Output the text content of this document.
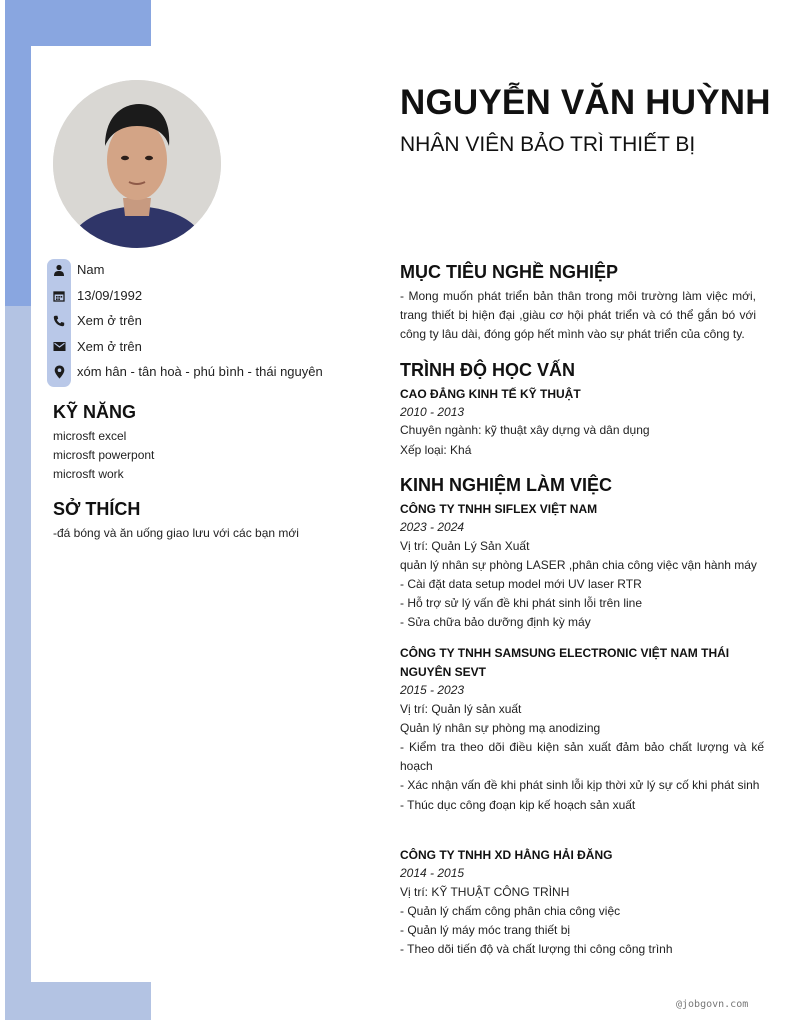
Nam
13/09/1992
Xem ở trên
Xem ở trên
xóm hân - tân hoà - phú bình - thái nguyên
KỸ NĂNG
microsft excel
microsft powerpont
microsft work
SỞ THÍCH
-đá bóng và ăn uống giao lưu với các bạn mới
NGUYỄN VĂN HUỲNH
NHÂN VIÊN BẢO TRÌ THIẾT BỊ
MỤC TIÊU NGHỀ NGHIỆP
- Mong muốn phát triển bản thân trong môi trường làm việc mới, trang thiết bị hiện đại ,giàu cơ hội phát triển và có thể gắn bó với công ty lâu dài, đóng góp hết mình vào sự phát triển của công ty.
TRÌNH ĐỘ HỌC VẤN
CAO ĐẲNG KINH TẾ KỸ THUẬT
2010 - 2013
Chuyên ngành: kỹ thuật xây dựng và dân dụng
Xếp loại: Khá
KINH NGHIỆM LÀM VIỆC
CÔNG TY TNHH SIFLEX VIỆT NAM
2023 - 2024
Vị trí: Quản Lý Sản Xuất
quản lý nhân sự phòng LASER ,phân chia công việc vận hành máy
- Cài đặt data setup model mới UV laser RTR
- Hỗ trợ sử lý vấn đề khi phát sinh lỗi trên line
- Sửa chữa bảo dưỡng định kỳ máy
CÔNG TY TNHH SAMSUNG ELECTRONIC VIỆT NAM THÁI NGUYÊN SEVT
2015 - 2023
Vị trí: Quản lý sản xuất
Quản lý nhân sự phòng mạ anodizing
- Kiểm tra theo dõi điều kiện sản xuất đảm bảo chất lượng và kế hoạch
- Xác nhận vấn đề khi phát sinh lỗi kịp thời xử lý sự cố khi phát sinh
- Thúc dục công đoạn kịp kế hoạch sản xuất
CÔNG TY TNHH XD HẰNG HẢI ĐĂNG
2014 - 2015
Vị trí: KỸ THUẬT CÔNG TRÌNH
- Quản lý chấm công phân chia công việc
- Quản lý máy móc trang thiết bị
- Theo dõi tiến độ và chất lượng thi công công trình
@jobgovn.com
